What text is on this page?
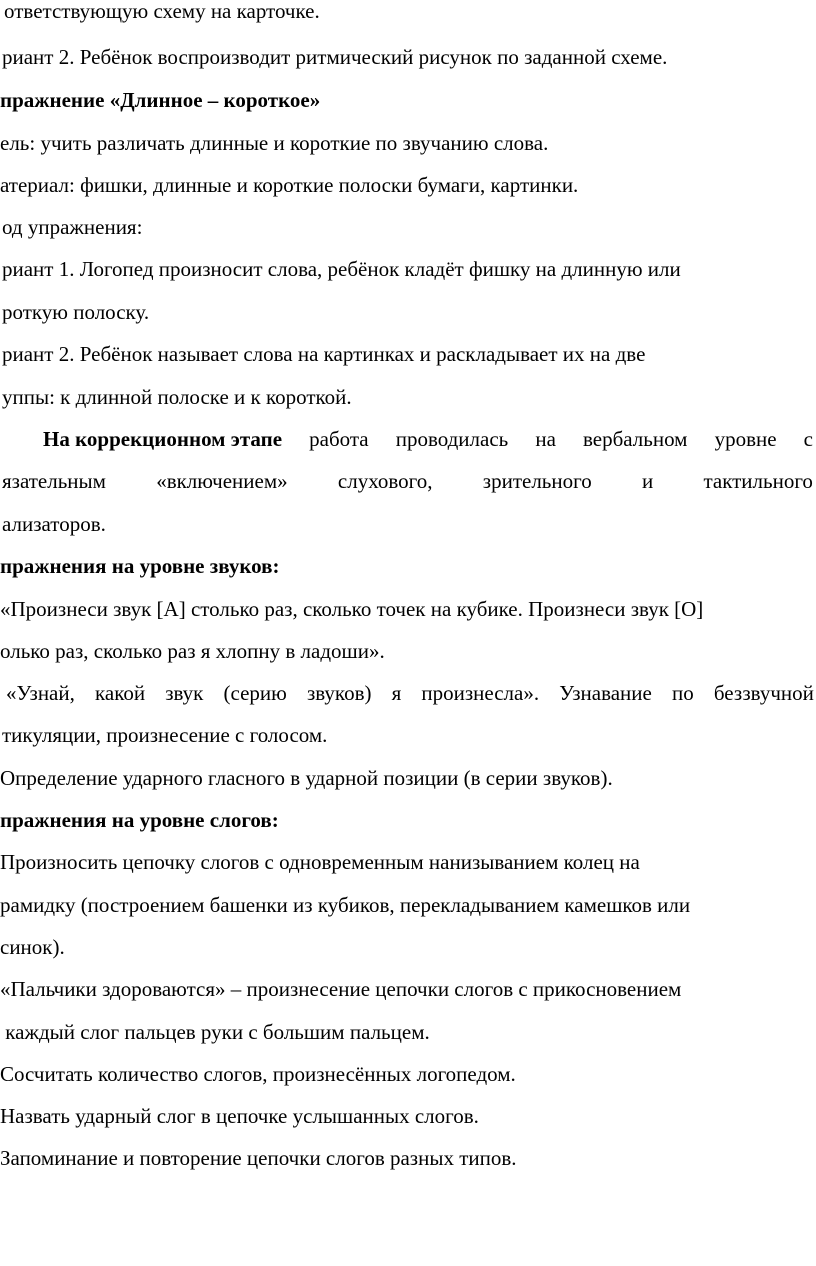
ответствующую схему на карточке.
риант 2. Ребёнок воспроизводит ритмический рисунок по заданной схеме.
пражнение «Длинное – короткое»
ель: учить различать длинные и короткие по звучанию слова.
атериал: фишки, длинные и короткие полоски бумаги, картинки.
од упражнения:
риант 1. Логопед произносит слова, ребёнок кладёт фишку на длинную или
роткую полоску.
риант 2. Ребёнок называет слова на картинках и раскладывает их на две
уппы: к длинной полоске и к короткой.
На коррекционном этапе работа проводилась на вербальном уровне с
язательным «включением» слухового, зрительного и тактильного
ализаторов.
пражнения на уровне звуков:
«Произнеси звук [А] столько раз, сколько точек на кубике. Произнеси звук [О]
олько раз, сколько раз я хлопну в ладоши».
«Узнай, какой звук (серию звуков) я произнесла». Узнавание по беззвучной
тикуляции, произнесение с голосом.
Определение ударного гласного в ударной позиции (в серии звуков).
пражнения на уровне слогов:
Произносить цепочку слогов с одновременным нанизыванием колец на
рамидку (построением башенки из кубиков, перекладыванием камешков или
синок).
«Пальчики здороваются» – произнесение цепочки слогов с прикосновением
каждый слог пальцев руки с большим пальцем.
Сосчитать количество слогов, произнесённых логопедом.
Назвать ударный слог в цепочке услышанных слогов.
Запоминание и повторение цепочки слогов разных типов.
